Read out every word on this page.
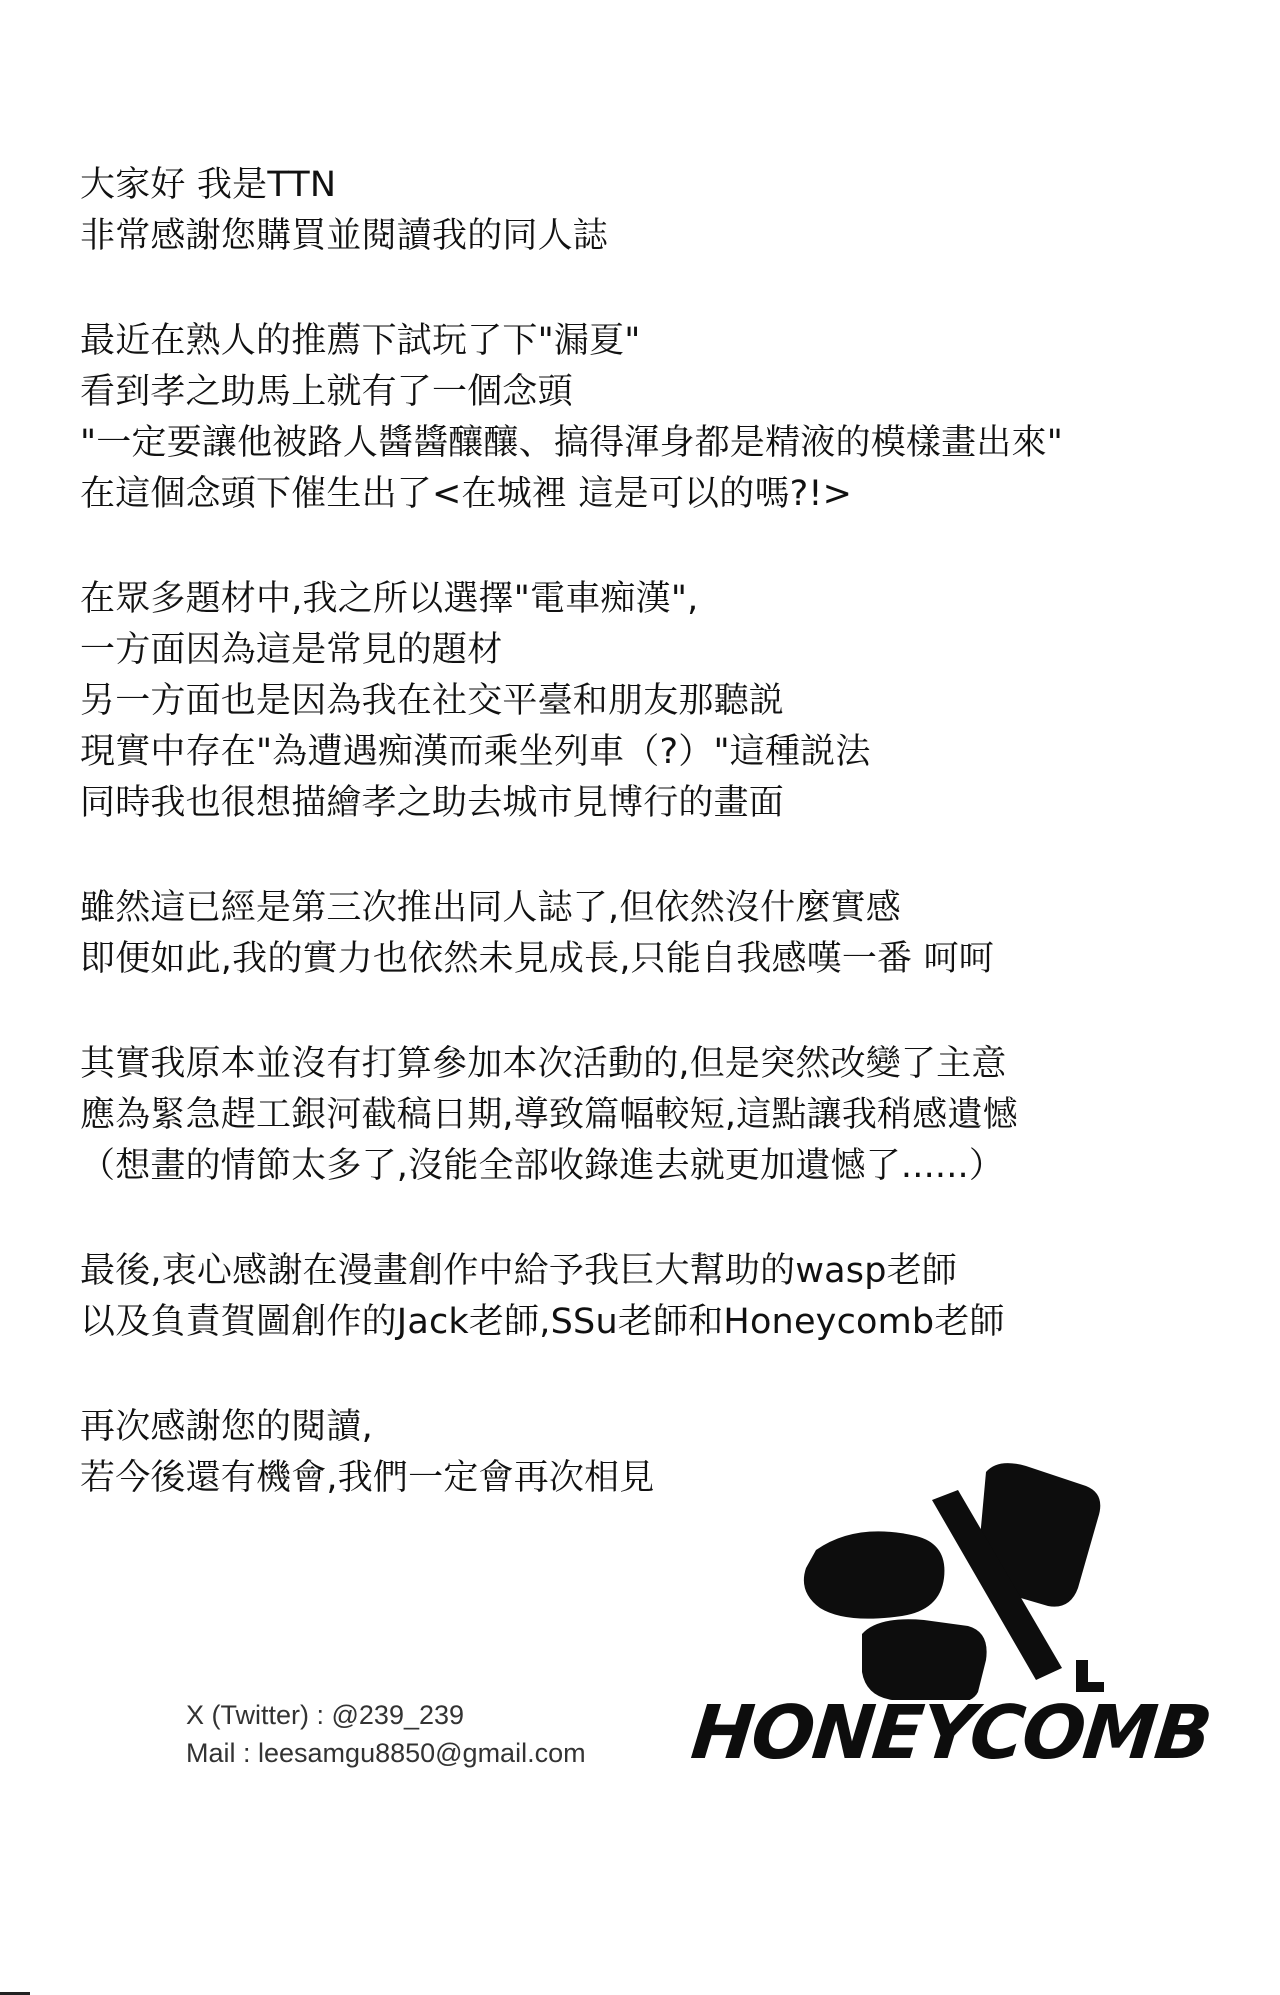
大家好 我是TTN
非常感謝您購買並閱讀我的同人誌
最近在熟人的推薦下試玩了下"漏夏"
看到孝之助馬上就有了一個念頭
"一定要讓他被路人醬醬釀釀、搞得渾身都是精液的模樣畫出來"
在這個念頭下催生出了<在城裡 這是可以的嗎?!>
在眾多題材中,我之所以選擇"電車痴漢",
一方面因為這是常見的題材
另一方面也是因為我在社交平臺和朋友那聽説
現實中存在"為遭遇痴漢而乘坐列車（?）"這種説法
同時我也很想描繪孝之助去城市見博行的畫面
雖然這已經是第三次推出同人誌了,但依然沒什麼實感
即便如此,我的實力也依然未見成長,只能自我感嘆一番 呵呵
其實我原本並沒有打算參加本次活動的,但是突然改變了主意
應為緊急趕工銀河截稿日期,導致篇幅較短,這點讓我稍感遺憾
（想畫的情節太多了,沒能全部收錄進去就更加遺憾了......）
最後,衷心感謝在漫畫創作中給予我巨大幫助的wasp老師
以及負責賀圖創作的Jack老師,SSu老師和Honeycomb老師
再次感謝您的閱讀,
若今後還有機會,我們一定會再次相見
X (Twitter) : @239_239
Mail : leesamgu8850@gmail.com	HONEYCOMB
